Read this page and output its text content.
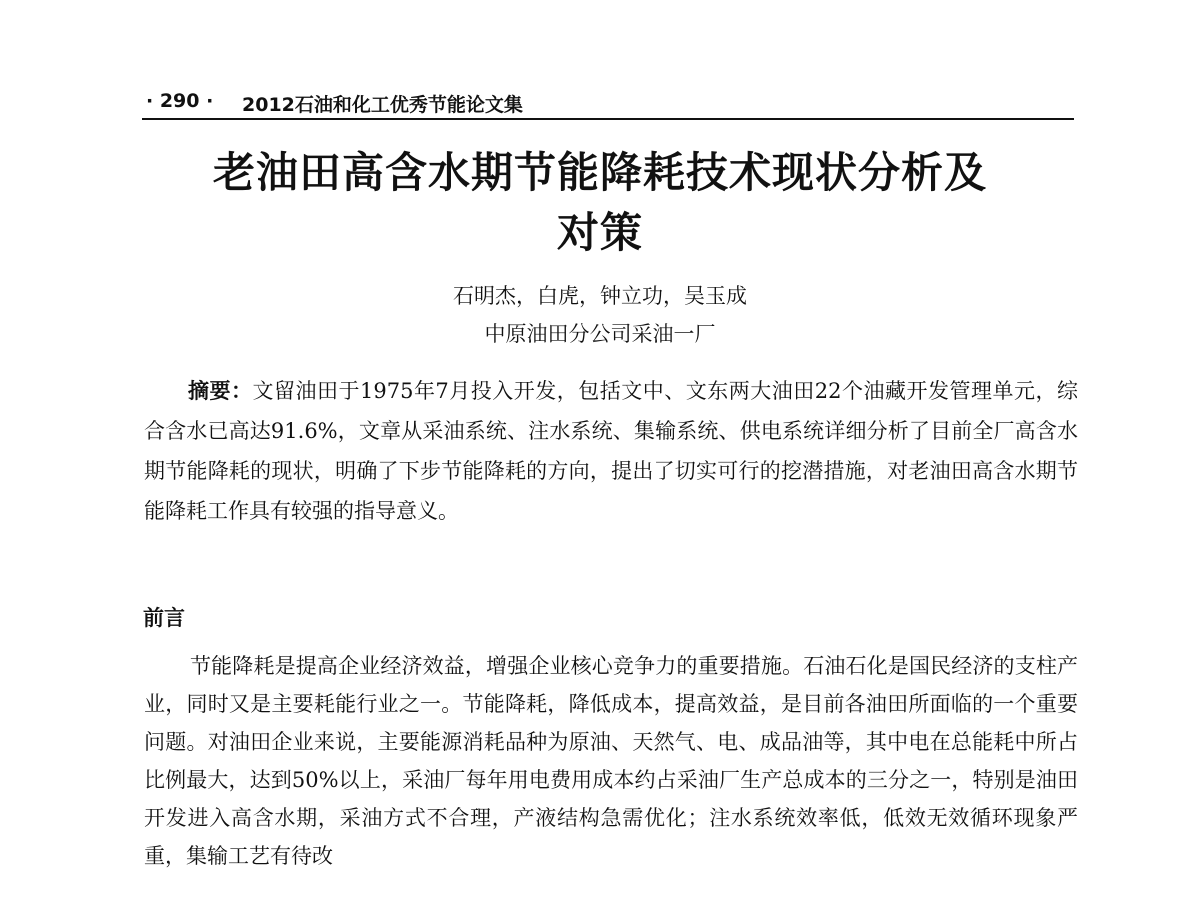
· 290 · 2012石油和化工优秀节能论文集
老油田高含水期节能降耗技术现状分析及
对策
石明杰，白虎，钟立功，吴玉成
中原油田分公司采油一厂

摘要：文留油田于1975年7月投入开发，包括文中、文东两大油田22个油藏开发管理单元，综合含水已高达91.6%，文章从采油系统、注水系统、集输系统、供电系统详细分析了目前全厂高含水期节能降耗的现状，明确了下步节能降耗的方向，提出了切实可行的挖潜措施，对老油田高含水期节能降耗工作具有较强的指导意义。

前言

节能降耗是提高企业经济效益，增强企业核心竞争力的重要措施。石油石化是国民经济的支柱产业，同时又是主要耗能行业之一。节能降耗，降低成本，提高效益，是目前各油田所面临的一个重要问题。对油田企业来说，主要能源消耗品种为原油、天然气、电、成品油等，其中电在总能耗中所占比例最大，达到50%以上，采油厂每年用电费用成本约占采油厂生产总成本的三分之一，特别是油田开发进入高含水期，采油方式不合理，产液结构急需优化；注水系统效率低，低效无效循环现象严重，集输工艺有待改
